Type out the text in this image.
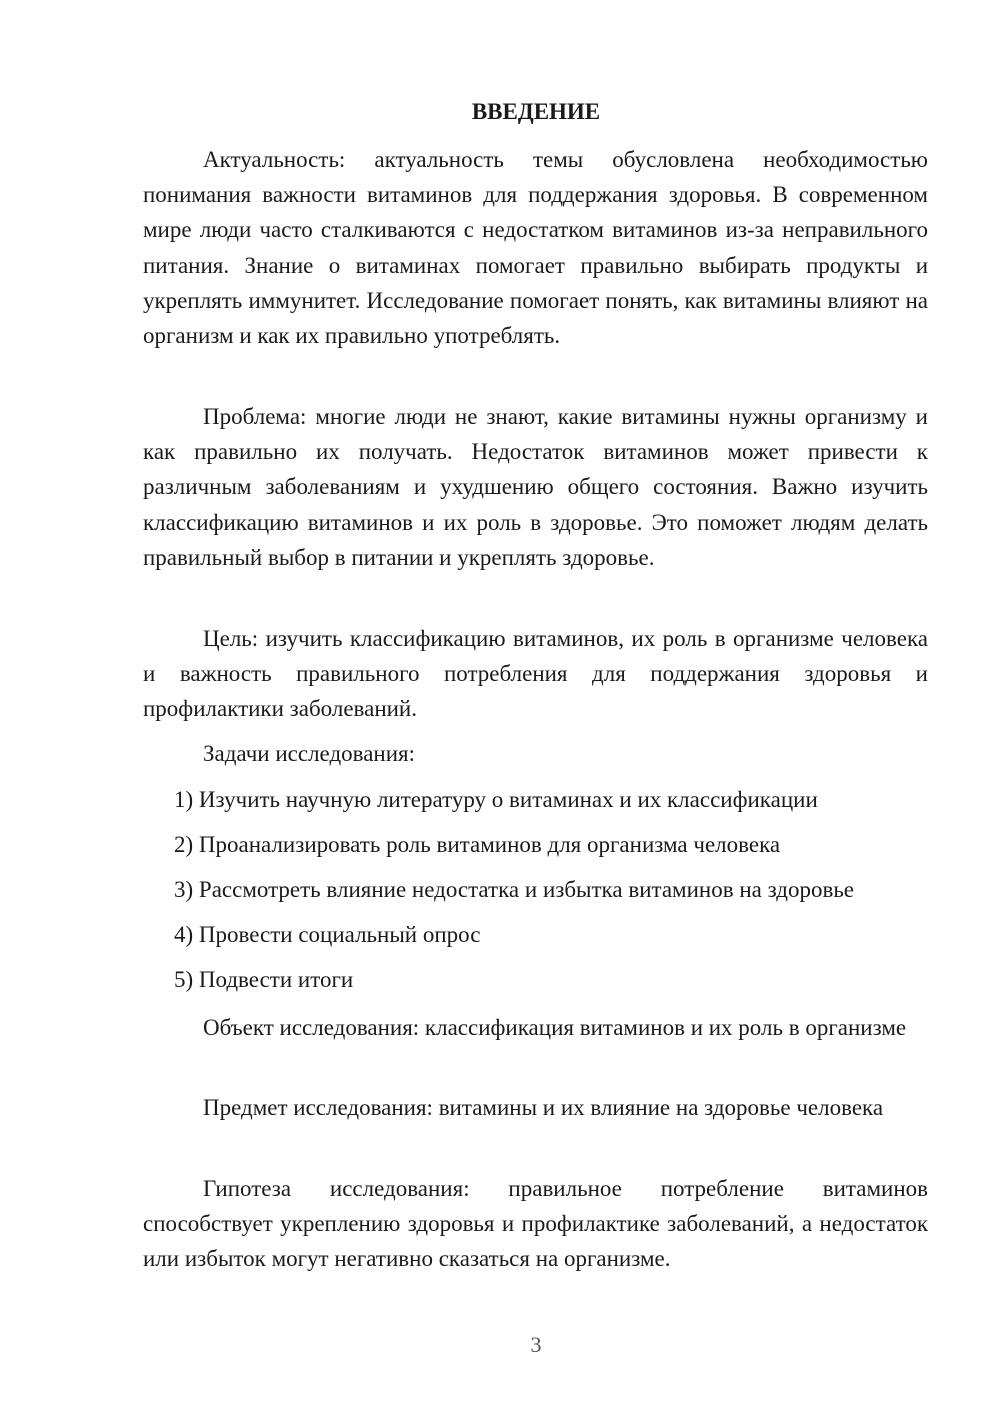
ВВЕДЕНИЕ

Актуальность: актуальность темы обусловлена необходимостью понимания важности витаминов для поддержания здоровья. В современном мире люди часто сталкиваются с недостатком витаминов из-за неправильного питания. Знание о витаминах помогает правильно выбирать продукты и укреплять иммунитет. Исследование помогает понять, как витамины влияют на организм и как их правильно употреблять.

Проблема: многие люди не знают, какие витамины нужны организму и как правильно их получать. Недостаток витаминов может привести к различным заболеваниям и ухудшению общего состояния. Важно изучить классификацию витаминов и их роль в здоровье. Это поможет людям делать правильный выбор в питании и укреплять здоровье.

Цель: изучить классификацию витаминов, их роль в организме человека и важность правильного потребления для поддержания здоровья и профилактики заболеваний.

Задачи исследования:
1) Изучить научную литературу о витаминах и их классификации
2) Проанализировать роль витаминов для организма человека
3) Рассмотреть влияние недостатка и избытка витаминов на здоровье
4) Провести социальный опрос
5) Подвести итоги

Объект исследования: классификация витаминов и их роль в организме

Предмет исследования: витамины и их влияние на здоровье человека

Гипотеза исследования: правильное потребление витаминов способствует укреплению здоровья и профилактике заболеваний, а недостаток или избыток могут негативно сказаться на организме.

3
